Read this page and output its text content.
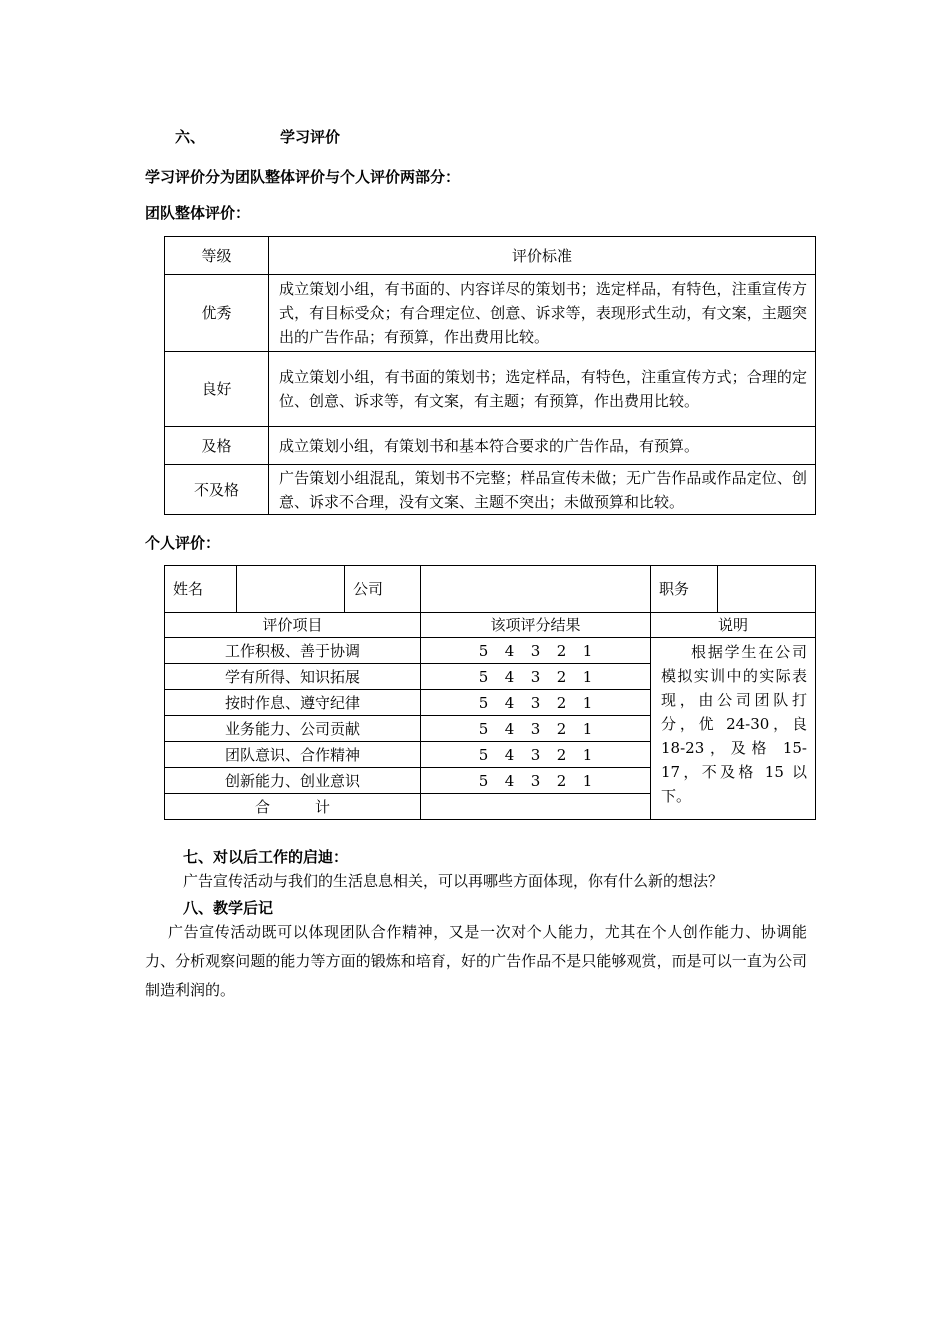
六、	学习评价
学习评价分为团队整体评价与个人评价两部分：
团队整体评价：
等级	评价标准
优秀	成立策划小组，有书面的、内容详尽的策划书；选定样品，有特色，注重宣传方式，有目标受众；有合理定位、创意、诉求等，表现形式生动，有文案，主题突出的广告作品；有预算，作出费用比较。
良好	成立策划小组，有书面的策划书；选定样品，有特色，注重宣传方式；合理的定位、创意、诉求等，有文案，有主题；有预算，作出费用比较。
及格	成立策划小组，有策划书和基本符合要求的广告作品，有预算。
不及格	广告策划小组混乱，策划书不完整；样品宣传未做；无广告作品或作品定位、创意、诉求不合理，没有文案、主题不突出；未做预算和比较。
个人评价：
姓名		公司		职务	
评价项目			该项评分结果	说明	
工作积极、善于协调			5 4 3 2 1	根据学生在公司模拟实训中的实际表现，由公司团队打分，优 24-30，良 18-23，及格 15-17，不及格 15 以下。	

学有所得、知识拓展			5 4 3 2 1		
按时作息、遵守纪律			5 4 3 2 1		
业务能力、公司贡献			5 4 3 2 1		
团队意识、合作精神			5 4 3 2 1		
创新能力、创业意识			5 4 3 2 1		
合　　　计					
七、对以后工作的启迪：
广告宣传活动与我们的生活息息相关，可以再哪些方面体现，你有什么新的想法？
八、教学后记
广告宣传活动既可以体现团队合作精神，又是一次对个人能力，尤其在个人创作能力、协调能力、分析观察问题的能力等方面的锻炼和培育，好的广告作品不是只能够观赏，而是可以一直为公司制造利润的。
